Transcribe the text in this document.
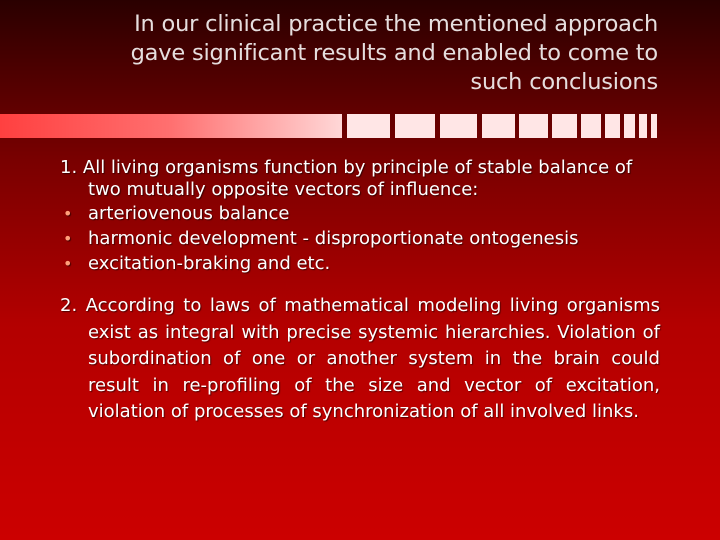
In our clinical practice the mentioned approach
gave significant results and enabled to come to
such conclusions
1. All living organisms function by principle of stable balance of two mutually opposite vectors of influence:
• arteriovenous balance
• harmonic development - disproportionate ontogenesis
• excitation-braking and etc.
2. According to laws of mathematical modeling living organisms exist as integral with precise systemic hierarchies. Violation of subordination of one or another system in the brain could result in re-profiling of the size and vector of excitation, violation of processes of synchronization of all involved links.
